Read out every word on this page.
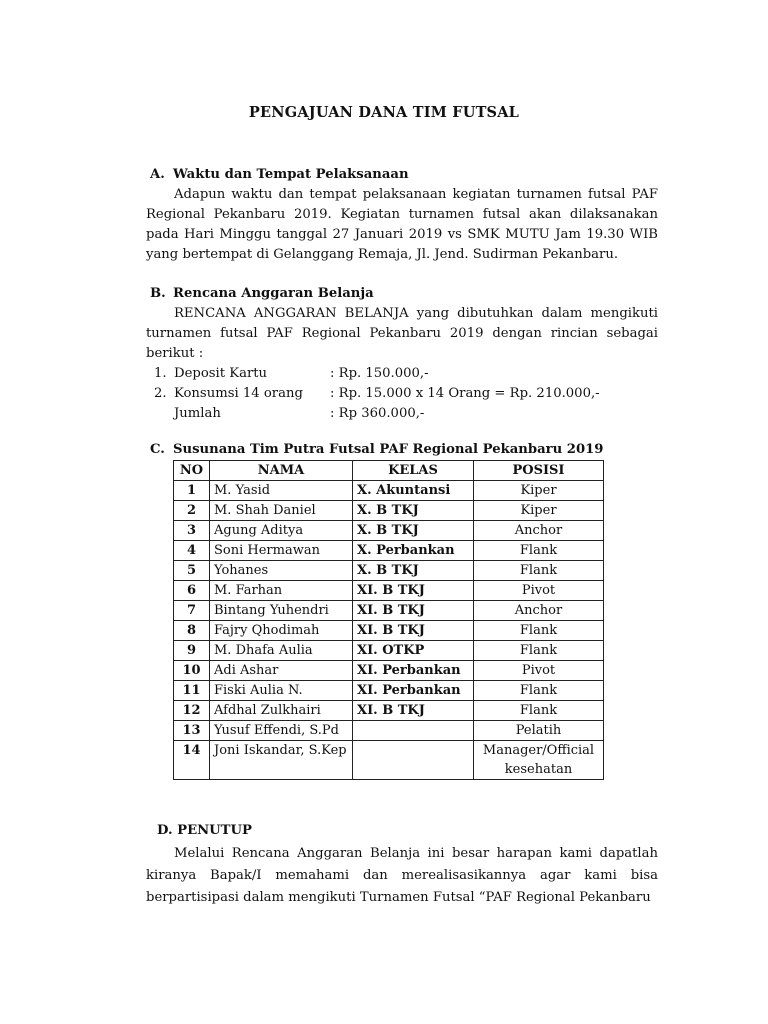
PENGAJUAN DANA TIM FUTSAL
A. Waktu dan Tempat Pelaksanaan
Adapun waktu dan tempat pelaksanaan kegiatan turnamen futsal PAF Regional Pekanbaru 2019. Kegiatan turnamen futsal akan dilaksanakan pada Hari Minggu tanggal 27 Januari 2019 vs SMK MUTU Jam 19.30 WIB yang bertempat di Gelanggang Remaja, Jl. Jend. Sudirman Pekanbaru.
B. Rencana Anggaran Belanja
RENCANA ANGGARAN BELANJA yang dibutuhkan dalam mengikuti turnamen futsal PAF Regional Pekanbaru 2019 dengan rincian sebagai berikut :
1. Deposit Kartu	: Rp. 150.000,-
2. Konsumsi 14 orang : Rp. 15.000 x 14 Orang = Rp. 210.000,-
Jumlah	: Rp 360.000,-
C. Susunana Tim Putra Futsal PAF Regional Pekanbaru 2019
NO	NAMA	KELAS	POSISI
1	M. Yasid	X. Akuntansi	Kiper
2	M. Shah Daniel	X. B TKJ	Kiper
3	Agung Aditya	X. B TKJ	Anchor
4	Soni Hermawan	X. Perbankan	Flank
5	Yohanes	X. B TKJ	Flank
6	M. Farhan	XI. B TKJ	Pivot
7	Bintang Yuhendri	XI. B TKJ	Anchor
8	Fajry Qhodimah	XI. B TKJ	Flank
9	M. Dhafa Aulia	XI. OTKP	Flank
10	Adi Ashar	XI. Perbankan	Pivot
11	Fiski Aulia N.	XI. Perbankan	Flank
12	Afdhal Zulkhairi	XI. B TKJ	Flank
13	Yusuf Effendi, S.Pd		Pelatih
14	Joni Iskandar, S.Kep		Manager/Official kesehatan
D. PENUTUP
Melalui Rencana Anggaran Belanja ini besar harapan kami dapatlah kiranya Bapak/I memahami dan merealisasikannya agar kami bisa berpartisipasi dalam mengikuti Turnamen Futsal “PAF Regional Pekanbaru
